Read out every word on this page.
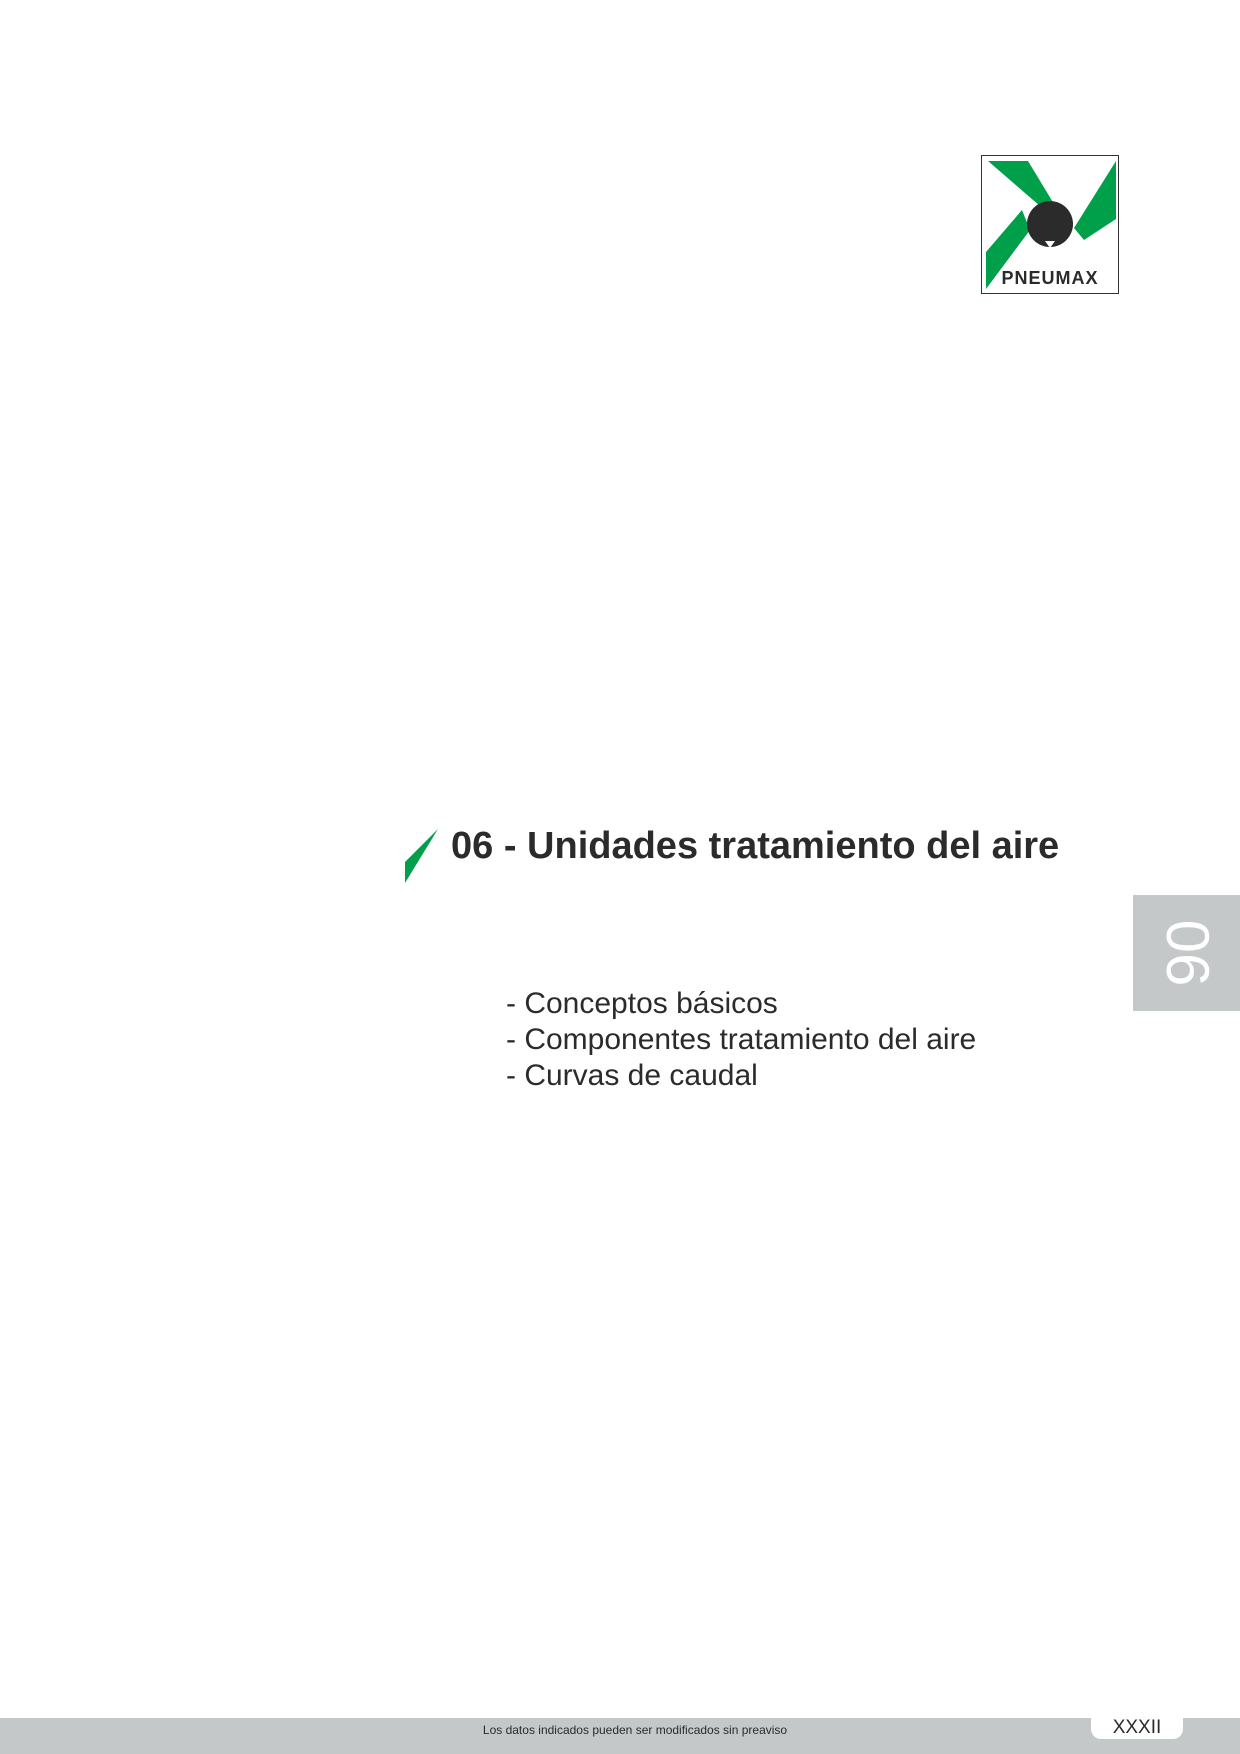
PNEUMAX
06 - Unidades tratamiento del aire
- Conceptos básicos
- Componentes tratamiento del aire
- Curvas de caudal
06
Los datos indicados pueden ser modificados sin preaviso	XXXII
